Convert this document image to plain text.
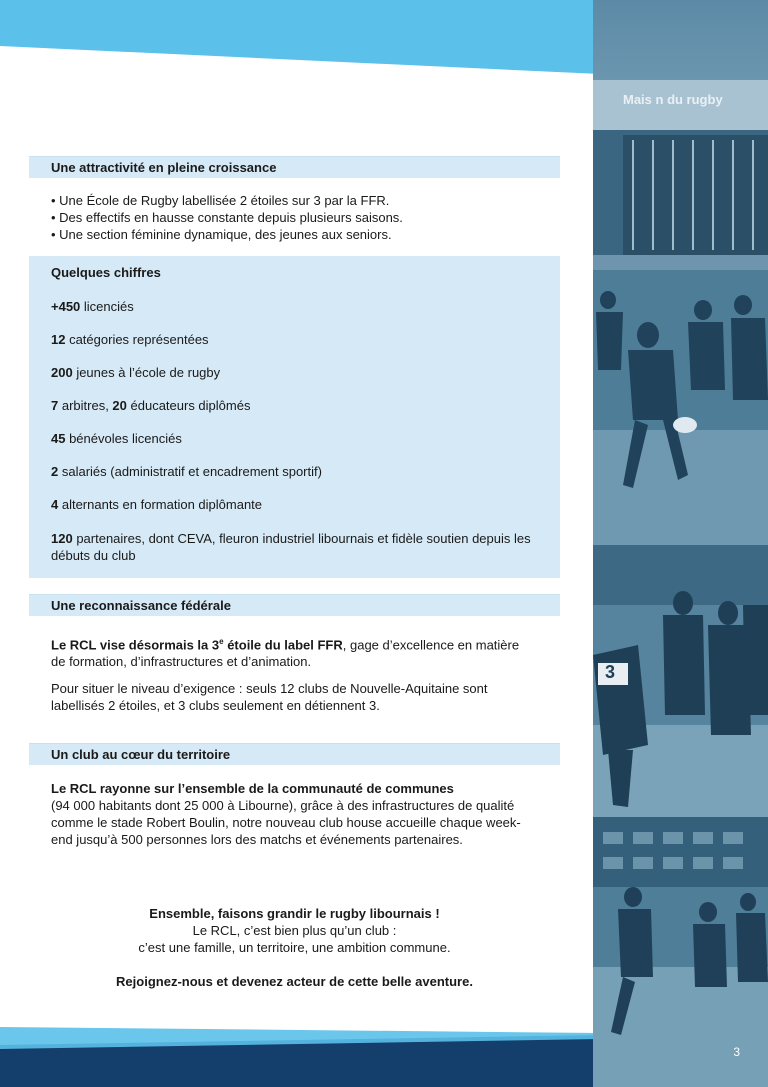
Mais n du rugby
3
3
Une attractivité en pleine croissance
• Une École de Rugby labellisée 2 étoiles sur 3 par la FFR.
• Des effectifs en hausse constante depuis plusieurs saisons.
• Une section féminine dynamique, des jeunes aux seniors.
Quelques chiffres
+450 licenciés
12 catégories représentées
200 jeunes à l’école de rugby
7 arbitres, 20 éducateurs diplômés
45 bénévoles licenciés
2 salariés (administratif et encadrement sportif)
4 alternants en formation diplômante
120 partenaires, dont CEVA, fleuron industriel libournais et fidèle soutien depuis les débuts du club
Une reconnaissance fédérale
Le RCL vise désormais la 3e étoile du label FFR, gage d’excellence en matière de formation, d’infrastructures et d’animation.
Pour situer le niveau d’exigence : seuls 12 clubs de Nouvelle-Aquitaine sont labellisés 2 étoiles, et 3 clubs seulement en détiennent 3.
Un club au cœur du territoire
Le RCL rayonne sur l’ensemble de la communauté de communes
(94 000 habitants dont 25 000 à Libourne), grâce à des infrastructures de qualité comme le stade Robert Boulin, notre nouveau club house accueille chaque week-end jusqu’à 500 personnes lors des matchs et événements partenaires.
Ensemble, faisons grandir le rugby libournais !
Le RCL, c’est bien plus qu’un club :
c’est une famille, un territoire, une ambition commune.
Rejoignez-nous et devenez acteur de cette belle aventure.
